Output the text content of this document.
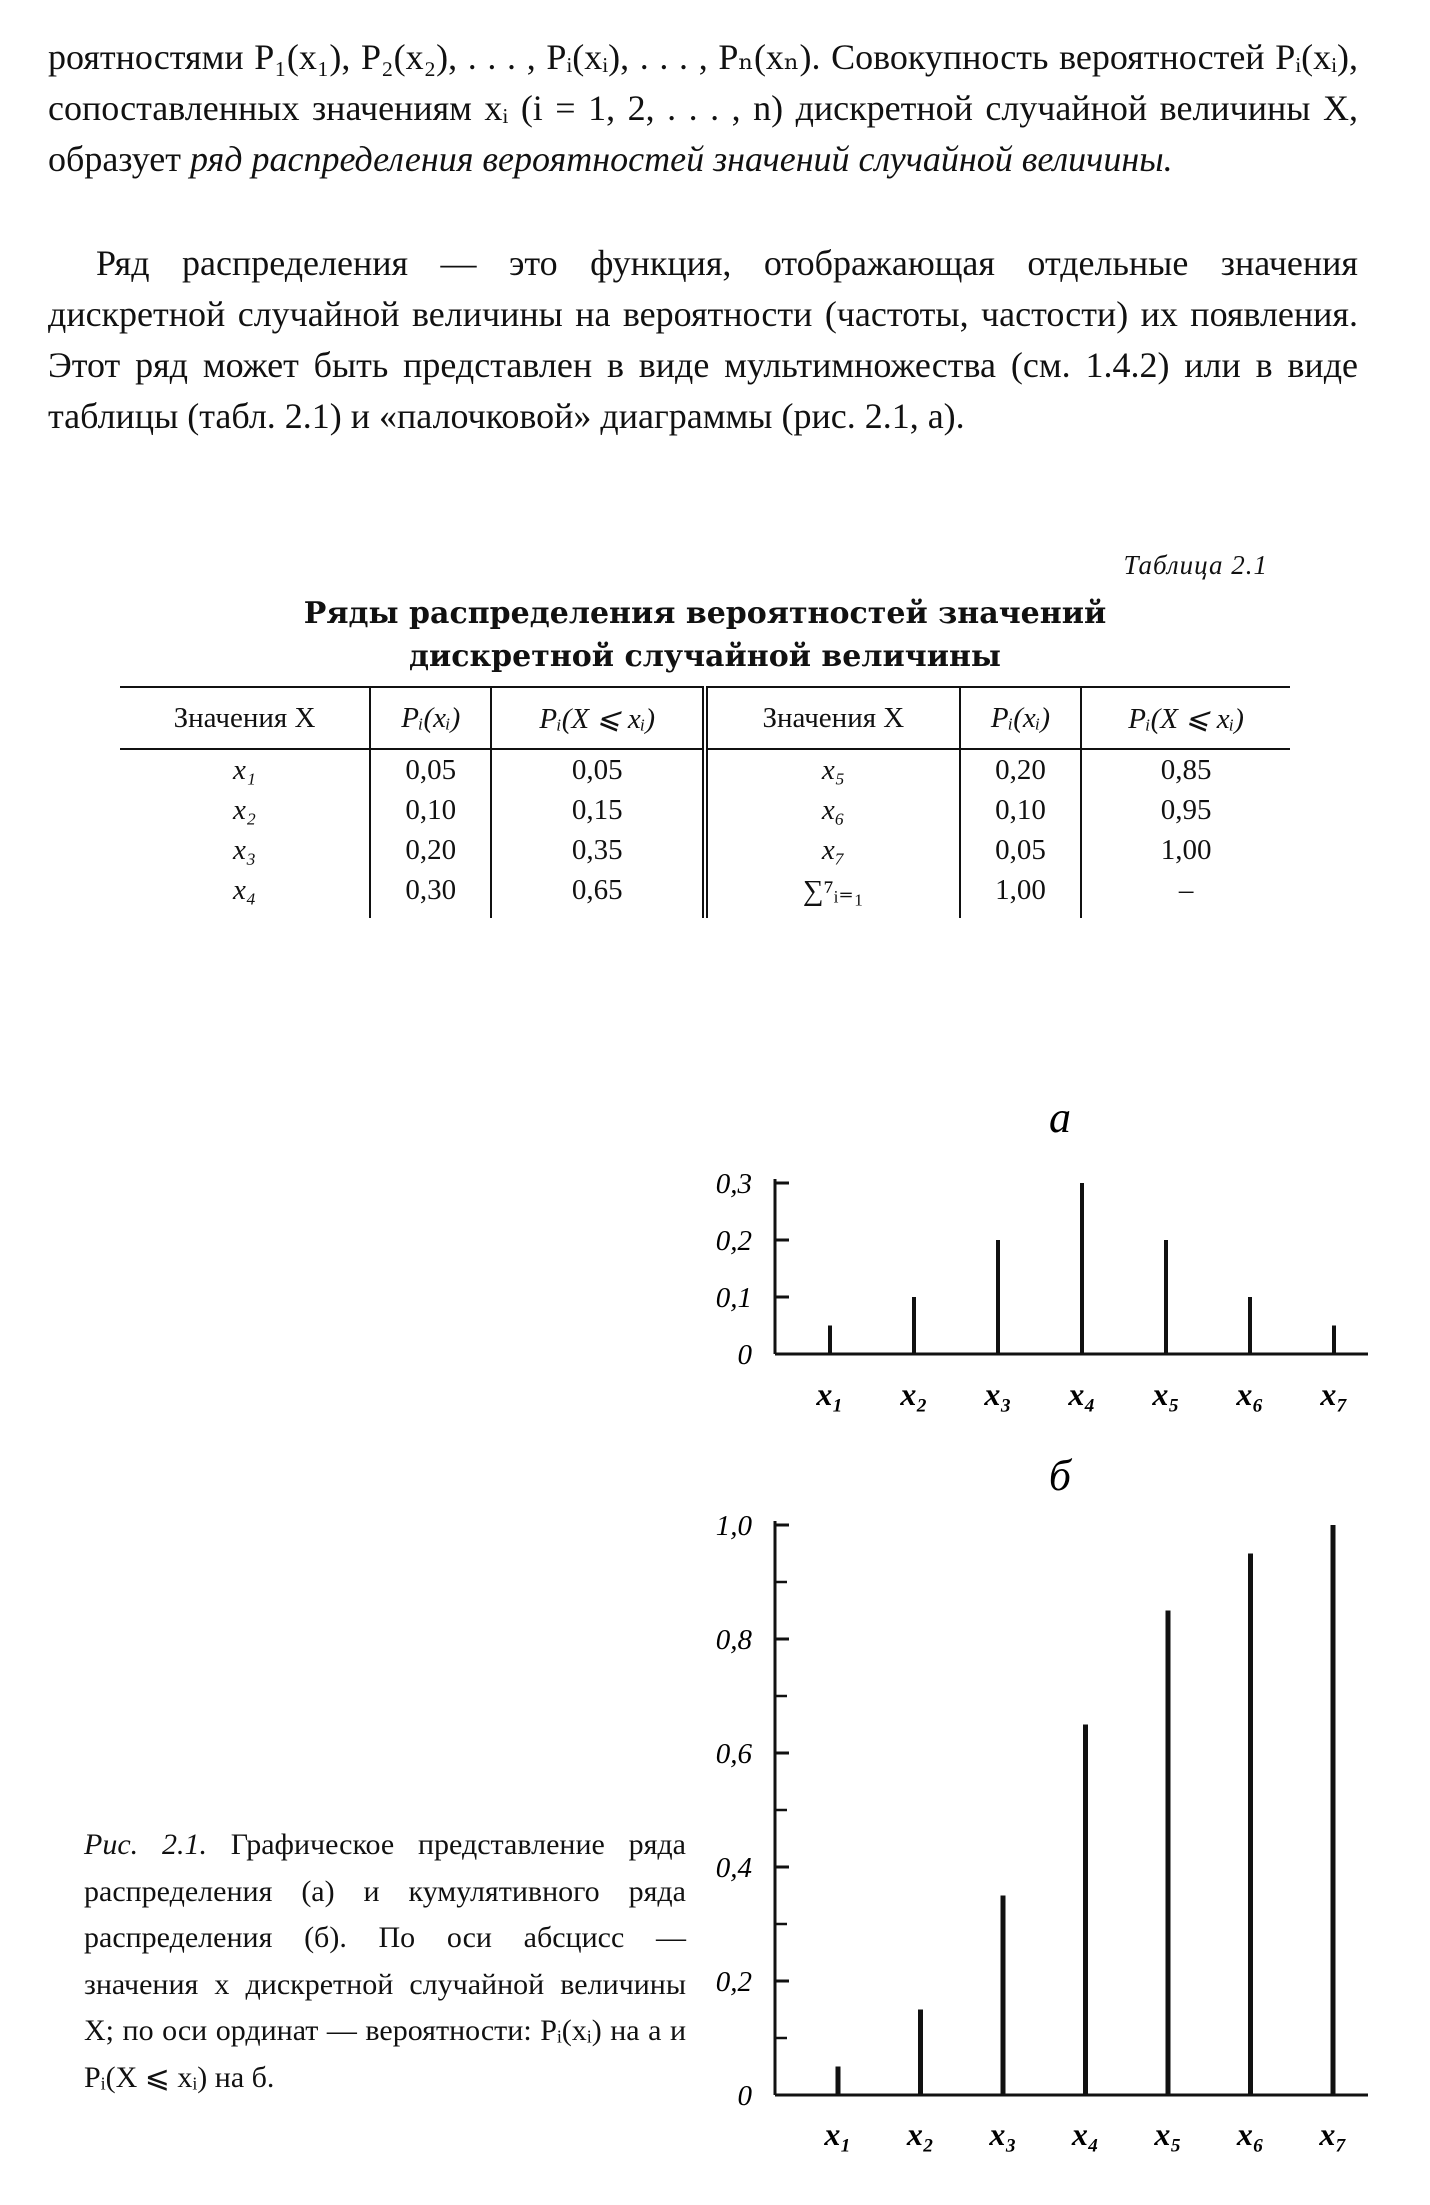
роятностями P₁(x₁), P₂(x₂), . . . , Pᵢ(xᵢ), . . . , Pₙ(xₙ). Совокупность вероятностей Pᵢ(xᵢ), сопоставленных значениям xᵢ (i = 1, 2, . . . , n) дискретной случайной величины X, образует ряд распределения вероятностей значений случайной величины.
Ряд распределения — это функция, отображающая отдельные значения дискретной случайной величины на вероятности (частоты, частости) их появления. Этот ряд может быть представлен в виде мультимножества (см. 1.4.2) или в виде таблицы (табл. 2.1) и «палочковой» диаграммы (рис. 2.1, а).
Таблица 2.1
Ряды распределения вероятностей значений
дискретной случайной величины
Значения X	Pᵢ(xᵢ)	Pᵢ(X ⩽ xᵢ)	Значения X	Pᵢ(xᵢ)	Pᵢ(X ⩽ xᵢ)
x₁	0,05	0,05	x₅	0,20	0,85
x₂	0,10	0,15	x₆	0,10	0,95
x₃	0,20	0,35	x₇	0,05	1,00
x₄	0,30	0,65	∑⁷ᵢ₌₁	1,00	–
Рис. 2.1. Графическое представление ряда распределения (а) и кумулятивного ряда распределения (б). По оси абсцисс — значения x дискретной случайной величины X; по оси ординат — вероятности: Pᵢ(xᵢ) на а и Pᵢ(X ⩽ xᵢ) на б.
а
0
0,1
0,2
0,3
x₁ x₂ x₃ x₄ x₅ x₆ x₇
б
0
0,2
0,4
0,6
0,8
1,0
x₁ x₂ x₃ x₄ x₅ x₆ x₇
